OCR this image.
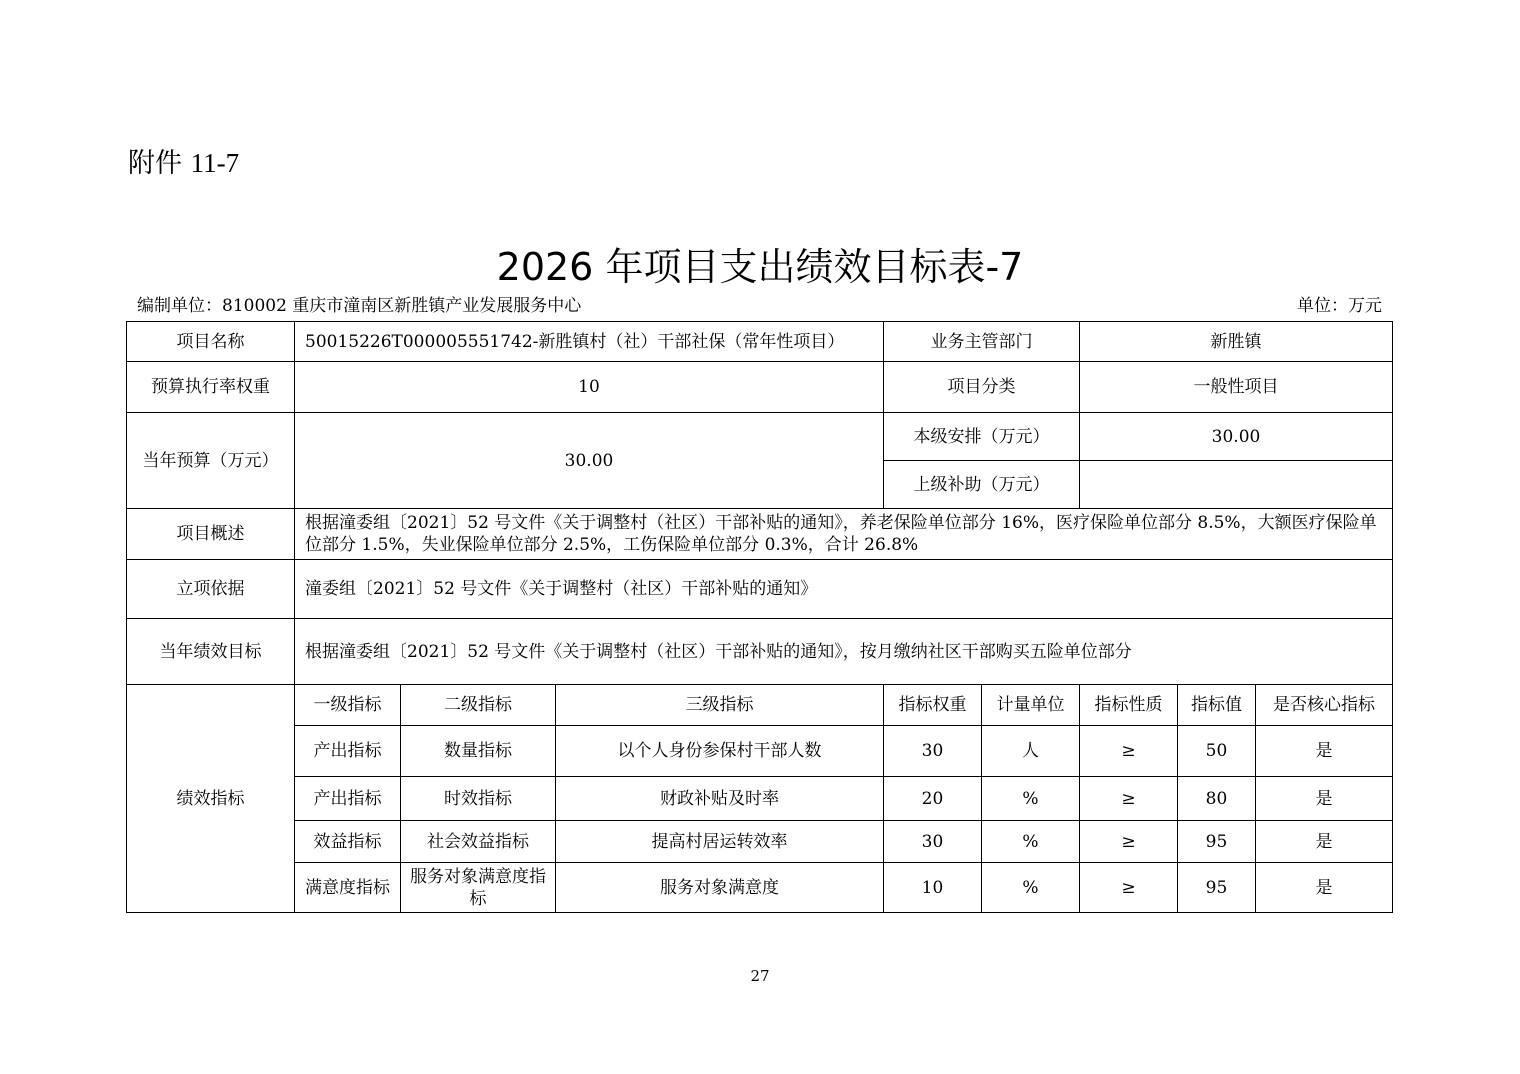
附件 11-7
2026 年项目支出绩效目标表-7
编制单位：810002 重庆市潼南区新胜镇产业发展服务中心	单位：万元
项目名称	50015226T000005551742-新胜镇村（社）干部社保（常年性项目）			业务主管部门		新胜镇		
预算执行率权重	10			项目分类		一般性项目		
当年预算（万元）	30.00			本级安排（万元）		30.00		
				上级补助（万元）				
项目概述	根据潼委组〔2021〕52 号文件《关于调整村（社区）干部补贴的通知》，养老保险单位部分 16%，医疗保险单位部分 8.5%，大额医疗保险单位部分 1.5%，失业保险单位部分 2.5%，工伤保险单位部分 0.3%，合计 26.8%							
立项依据	潼委组〔2021〕52 号文件《关于调整村（社区）干部补贴的通知》							
当年绩效目标	根据潼委组〔2021〕52 号文件《关于调整村（社区）干部补贴的通知》，按月缴纳社区干部购买五险单位部分							
绩效指标	一级指标	二级指标	三级指标	指标权重	计量单位	指标性质	指标值	是否核心指标
	产出指标	数量指标	以个人身份参保村干部人数	30	人	≥	50	是
	产出指标	时效指标	财政补贴及时率	20	%	≥	80	是
	效益指标	社会效益指标	提高村居运转效率	30	%	≥	95	是
	满意度指标	服务对象满意度指标	服务对象满意度	10	%	≥	95	是
27
